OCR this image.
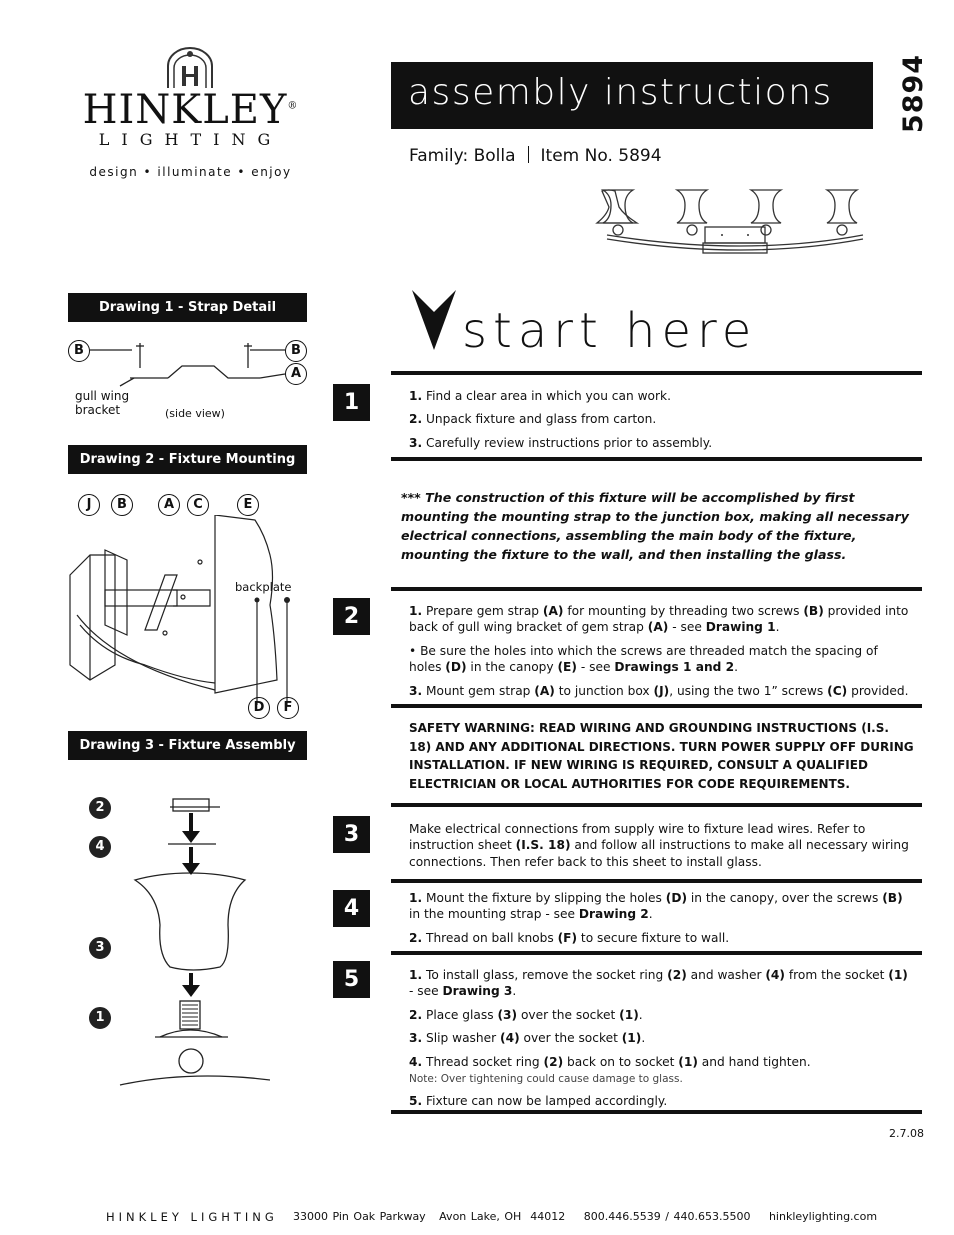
HINKLEY®
LIGHTING
design • illuminate • enjoy
assembly instructions 5894
Family: Bolla Item No. 5894
Drawing 1 - Strap Detail
B	B
A
gull wing
bracket	(side view)
Drawing 2 - Fixture Mounting
J	B	A	C	E
backplate
D	F
Drawing 3 - Fixture Assembly
2
4
3
1
start here
1	1. Find a clear area in which you can work.

2. Unpack fixture and glass from carton.

3. Carefully review instructions prior to assembly.

*** The construction of this fixture will be accomplished by first mounting the mounting strap to the junction box, making all necessary electrical connections, assembling the main body of the fixture, mounting the fixture to the wall, and then installing the glass.
2	1. Prepare gem strap (A) for mounting by threading two screws (B) provided into back of gull wing bracket of gem strap (A) - see Drawing 1.

• Be sure the holes into which the screws are threaded match the spacing of holes (D) in the canopy (E) - see Drawings 1 and 2.

3. Mount gem strap (A) to junction box (J), using the two 1” screws (C) provided.

SAFETY WARNING: READ WIRING AND GROUNDING INSTRUCTIONS (I.S. 18) AND ANY ADDITIONAL DIRECTIONS. TURN POWER SUPPLY OFF DURING INSTALLATION. IF NEW WIRING IS REQUIRED, CONSULT A QUALIFIED ELECTRICIAN OR LOCAL AUTHORITIES FOR CODE REQUIREMENTS.
3	Make electrical connections from supply wire to fixture lead wires. Refer to instruction sheet (I.S. 18) and follow all instructions to make all necessary wiring connections. Then refer back to this sheet to install glass.

4	1. Mount the fixture by slipping the holes (D) in the canopy, over the screws (B) in the mounting strap - see Drawing 2.

2. Thread on ball knobs (F) to secure fixture to wall.

5	1. To install glass, remove the socket ring (2) and washer (4) from the socket (1) - see Drawing 3.

2. Place glass (3) over the socket (1).

3. Slip washer (4) over the socket (1).

4. Thread socket ring (2) back on to socket (1) and hand tighten.
Note: Over tightening could cause damage to glass.

5. Fixture can now be lamped accordingly.

2.7.08
HINKLEY LIGHTING 33000 Pin Oak Parkway   Avon Lake, OH  44012 800.446.5539 / 440.653.5500 hinkleylighting.com
